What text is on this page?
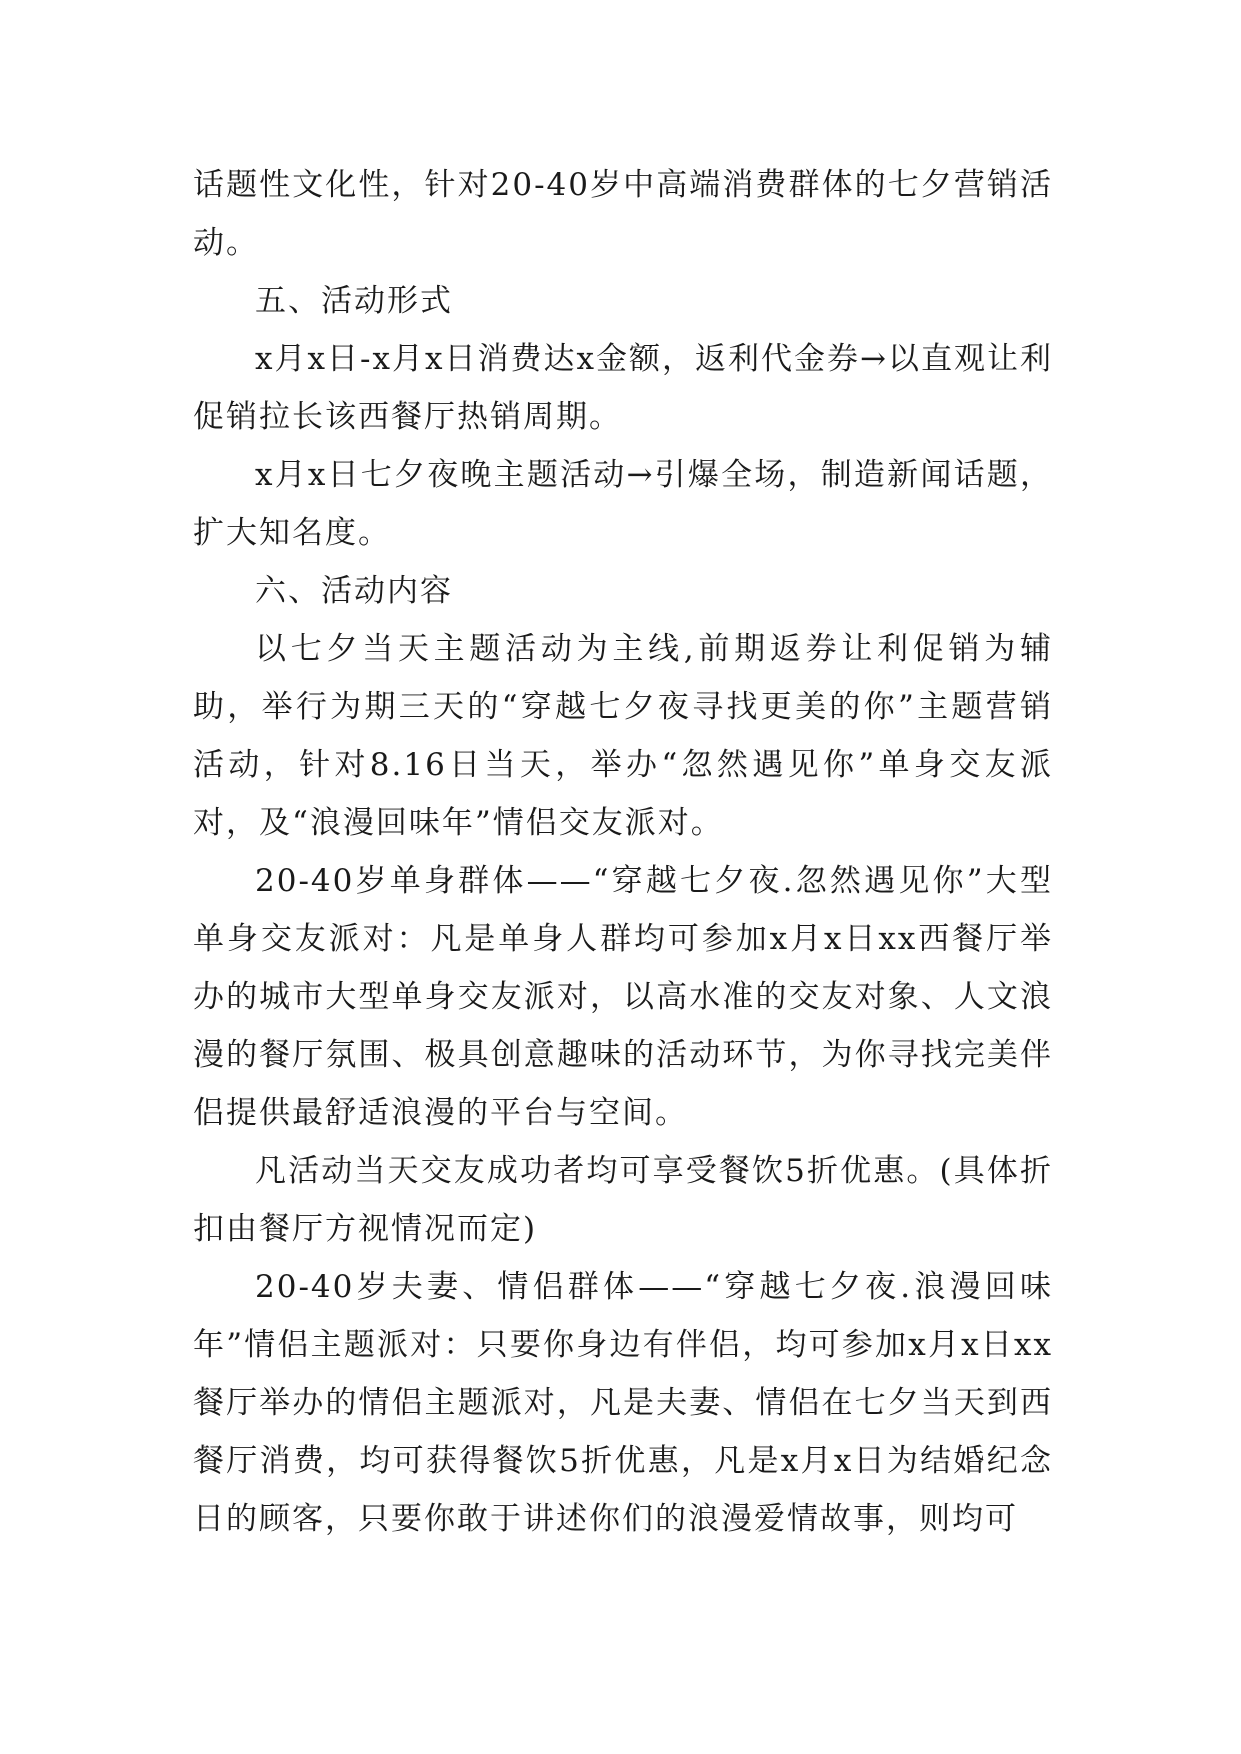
话题性文化性，针对20-40岁中高端消费群体的七夕营销活动。

五、活动形式

x月x日-x月x日消费达x金额，返利代金券→以直观让利促销拉长该西餐厅热销周期。

x月x日七夕夜晚主题活动→引爆全场，制造新闻话题，扩大知名度。

六、活动内容

以七夕当天主题活动为主线,前期返券让利促销为辅助，举行为期三天的“穿越七夕夜寻找更美的你”主题营销活动，针对8.16日当天，举办“忽然遇见你”单身交友派对，及“浪漫回味年”情侣交友派对。

20-40岁单身群体——“穿越七夕夜.忽然遇见你”大型单身交友派对：凡是单身人群均可参加x月x日xx西餐厅举办的城市大型单身交友派对，以高水准的交友对象、人文浪漫的餐厅氛围、极具创意趣味的活动环节，为你寻找完美伴侣提供最舒适浪漫的平台与空间。

凡活动当天交友成功者均可享受餐饮5折优惠。(具体折扣由餐厅方视情况而定)

20-40岁夫妻、情侣群体——“穿越七夕夜.浪漫回味年”情侣主题派对：只要你身边有伴侣，均可参加x月x日xx餐厅举办的情侣主题派对，凡是夫妻、情侣在七夕当天到西餐厅消费，均可获得餐饮5折优惠，凡是x月x日为结婚纪念日的顾客，只要你敢于讲述你们的浪漫爱情故事，则均可
